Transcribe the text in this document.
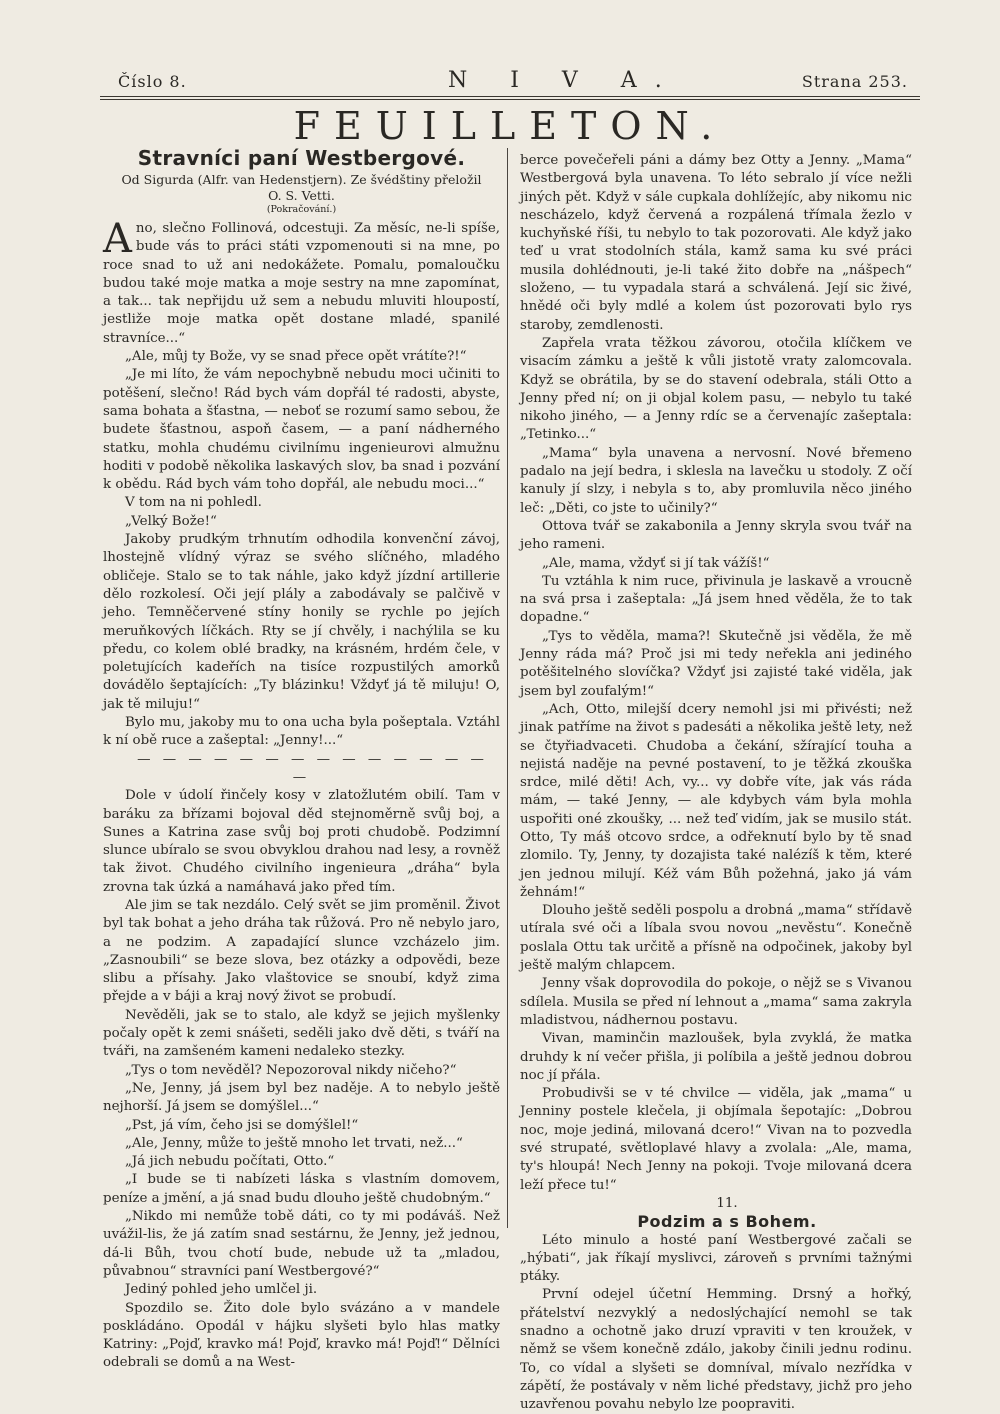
Číslo 8.	N I V A.	Strana 253.
FEUILLETON.
Stravníci paní Westbergové.

Od Sigurda (Alfr. van Hedenstjern). Ze švédštiny přeložil

O. S. Vetti.

(Pokračování.)

Ano, slečno Follinová, odcestuji. Za měsíc, ne-li spíše, bude vás to práci státi vzpomenouti si na mne, po roce snad to už ani nedokážete. Pomalu, pomaloučku budou také moje matka a moje sestry na mne zapomínat, a tak... tak nepřijdu už sem a nebudu mluviti hloupostí, jestliže moje matka opět dostane mladé, spanilé stravníce...“

„Ale, můj ty Bože, vy se snad přece opět vrátíte?!“

„Je mi líto, že vám nepochybně nebudu moci učiniti to potěšení, slečno! Rád bych vám dopřál té radosti, abyste, sama bohata a šťastna, — neboť se rozumí samo sebou, že budete šťastnou, aspoň časem, — a paní nádherného statku, mohla chudému civilnímu ingenieurovi almužnu hoditi v podobě několika laskavých slov, ba snad i pozvání k obědu. Rád bych vám toho dopřál, ale nebudu moci...“

V tom na ni pohledl.

„Velký Bože!“

Jakoby prudkým trhnutím odhodila konvenční závoj, lhostejně vlídný výraz se svého slíčného, mladého obličeje. Stalo se to tak náhle, jako když jízdní artillerie dělo rozkolesí. Oči její plály a zabodávaly se palčivě v jeho. Temněčervené stíny honily se rychle po jejích meruňkových líčkách. Rty se jí chvěly, i nachýlila se ku předu, co kolem oblé bradky, na krásném, hrdém čele, v poletujících kadeřích na tisíce rozpustilých amorků dovádělo šeptajících: „Ty blázinku! Vždyť já tě miluju! O, jak tě miluju!“

Bylo mu, jakoby mu to ona ucha byla pošeptala. Vztáhl k ní obě ruce a zašeptal: „Jenny!...“

— — — — — — — — — — — — — — —

Dole v údolí řinčely kosy v zlatožlutém obilí. Tam v baráku za břízami bojoval děd stejnoměrně svůj boj, a Sunes a Katrina zase svůj boj proti chudobě. Podzimní slunce ubíralo se svou obvyklou drahou nad lesy, a rovněž tak život. Chudého civilního ingenieura „dráha“ byla zrovna tak úzká a namáhavá jako před tím.

Ale jim se tak nezdálo. Celý svět se jim proměnil. Život byl tak bohat a jeho dráha tak růžová. Pro ně nebylo jaro, a ne podzim. A zapadající slunce vzcházelo jim. „Zasnoubili“ se beze slova, bez otázky a odpovědi, beze slibu a přísahy. Jako vlaštovice se snoubí, když zima přejde a v báji a kraj nový život se probudí.

Nevěděli, jak se to stalo, ale když se jejich myšlenky počaly opět k zemi snášeti, seděli jako dvě děti, s tváří na tváři, na zamšeném kameni nedaleko stezky.

„Tys o tom nevěděl? Nepozoroval nikdy ničeho?“

„Ne, Jenny, já jsem byl bez naděje. A to nebylo ještě nejhorší. Já jsem se domýšlel...“

„Pst, já vím, čeho jsi se domýšlel!“

„Ale, Jenny, může to ještě mnoho let trvati, než...“

„Já jich nebudu počítati, Otto.“

„I bude se ti nabízeti láska s vlastním domovem, peníze a jmění, a já snad budu dlouho ještě chudobným.“

„Nikdo mi nemůže tobě dáti, co ty mi podáváš. Než uvážil-lis, že já zatím snad sestárnu, že Jenny, jež jednou, dá-li Bůh, tvou chotí bude, nebude už ta „mladou, půvabnou“ stravníci paní Westbergové?“

Jediný pohled jeho umlčel ji.

Spozdilo se. Žito dole bylo svázáno a v mandele poskládáno. Opodál v hájku slyšeti bylo hlas matky Katriny: „Pojď, kravko má! Pojď, kravko má! Pojď!“ Dělníci odebrali se domů a na West-

berce povečeřeli páni a dámy bez Otty a Jenny. „Mama“ Westbergová byla unavena. To léto sebralo jí více nežli jiných pět. Když v sále cupkala dohlížejíc, aby nikomu nic nescházelo, když červená a rozpálená třímala žezlo v kuchyňské říši, tu nebylo to tak pozorovati. Ale když jako teď u vrat stodolních stála, kamž sama ku své práci musila dohlédnouti, je-li také žito dobře na „nášpech“ složeno, — tu vypadala stará a schválená. Její sic živé, hnědé oči byly mdlé a kolem úst pozorovati bylo rys staroby, zemdlenosti.

Zapřela vrata těžkou závorou, otočila klíčkem ve visacím zámku a ještě k vůli jistotě vraty zalomcovala. Když se obrátila, by se do stavení odebrala, stáli Otto a Jenny před ní; on ji objal kolem pasu, — nebylo tu také nikoho jiného, — a Jenny rdíc se a červenajíc zašeptala: „Tetinko...“

„Mama“ byla unavena a nervosní. Nové břemeno padalo na její bedra, i sklesla na lavečku u stodoly. Z očí kanuly jí slzy, i nebyla s to, aby promluvila něco jiného leč: „Děti, co jste to učinily?“

Ottova tvář se zakabonila a Jenny skryla svou tvář na jeho rameni.

„Ale, mama, vždyť si jí tak vážíš!“

Tu vztáhla k nim ruce, přivinula je laskavě a vroucně na svá prsa i zašeptala: „Já jsem hned věděla, že to tak dopadne.“

„Tys to věděla, mama?! Skutečně jsi věděla, že mě Jenny ráda má? Proč jsi mi tedy neřekla ani jediného potěšitelného slovíčka? Vždyť jsi zajisté také viděla, jak jsem byl zoufalým!“

„Ach, Otto, milejší dcery nemohl jsi mi přivésti; než jinak patříme na život s padesáti a několika ještě lety, než se čtyřiadvaceti. Chudoba a čekání, sžírající touha a nejistá naděje na pevné postavení, to je těžká zkouška srdce, milé děti! Ach, vy... vy dobře víte, jak vás ráda mám, — také Jenny, — ale kdybych vám byla mohla uspořiti oné zkoušky, ... než teď vidím, jak se musilo stát. Otto, Ty máš otcovo srdce, a odřeknutí bylo by tě snad zlomilo. Ty, Jenny, ty dozajista také nalézíš k těm, které jen jednou milují. Kéž vám Bůh požehná, jako já vám žehnám!“

Dlouho ještě seděli pospolu a drobná „mama“ střídavě utírala své oči a líbala svou novou „nevěstu“. Konečně poslala Ottu tak určitě a přísně na odpočinek, jakoby byl ještě malým chlapcem.

Jenny však doprovodila do pokoje, o nějž se s Vivanou sdílela. Musila se před ní lehnout a „mama“ sama zakryla mladistvou, nádhernou postavu.

Vivan, maminčin mazloušek, byla zvyklá, že matka druhdy k ní večer přišla, ji políbila a ještě jednou dobrou noc jí přála.

Probudivši se v té chvilce — viděla, jak „mama“ u Jenniny postele klečela, ji objímala šepotajíc: „Dobrou noc, moje jediná, milovaná dcero!“ Vivan na to pozvedla své strupaté, světloplavé hlavy a zvolala: „Ale, mama, ty's hloupá! Nech Jenny na pokoji. Tvoje milovaná dcera leží přece tu!“

11.

Podzim a s Bohem.

Léto minulo a hosté paní Westbergové začali se „hýbati“, jak říkají myslivci, zároveň s prvními tažnými ptáky.

První odejel účetní Hemming. Drsný a hořký, přátelství nezvyklý a nedoslýchající nemohl se tak snadno a ochotně jako druzí vpraviti v ten kroužek, v němž se všem konečně zdálo, jakoby činili jednu rodinu. To, co vídal a slyšeti se domníval, mívalo nezřídka v zápětí, že postávaly v něm liché představy, jichž pro jeho uzavřenou povahu nebylo lze poopraviti.
